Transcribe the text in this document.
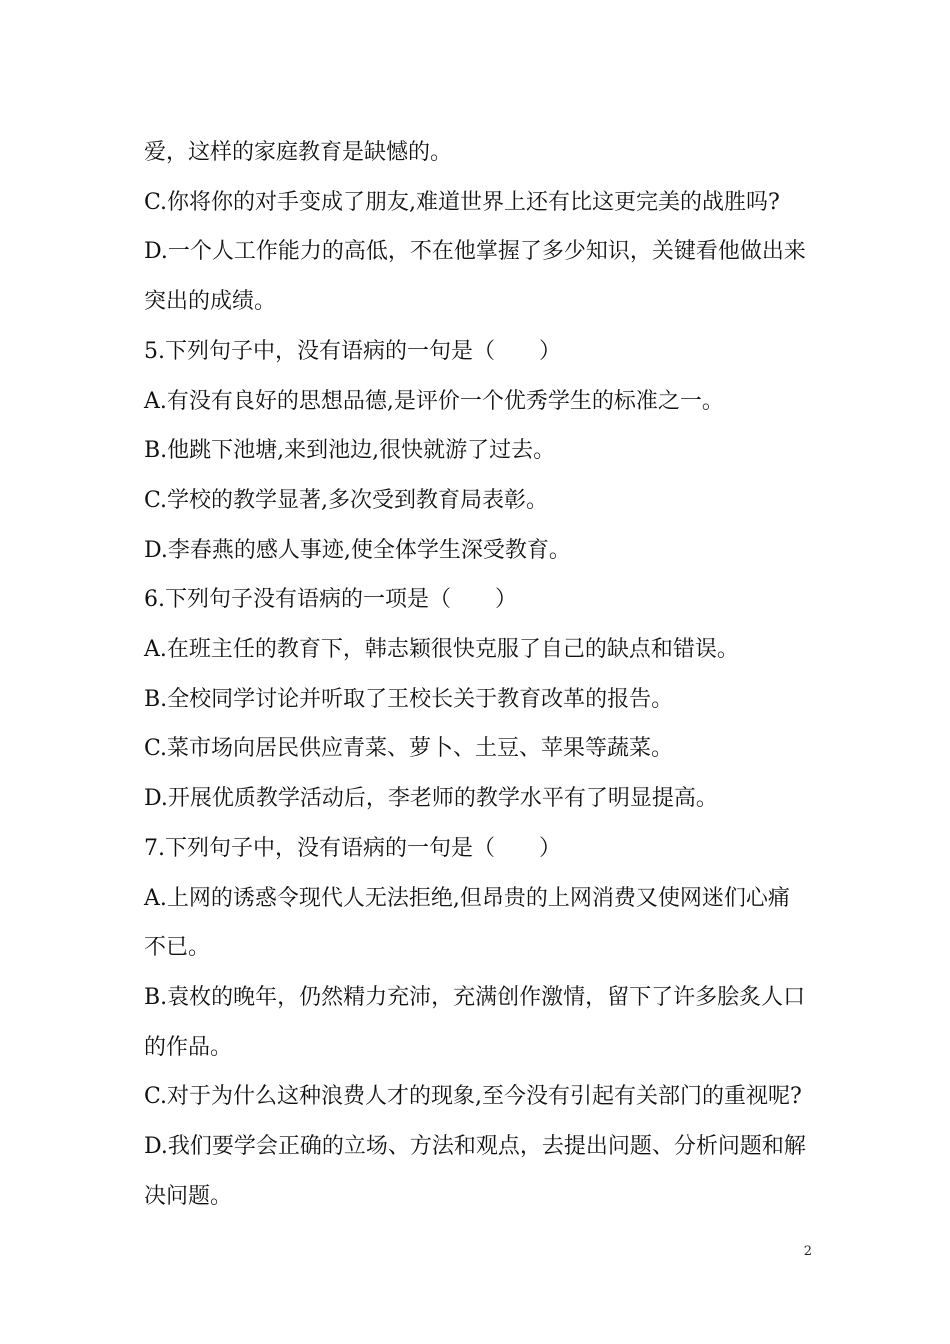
爱，这样的家庭教育是缺憾的。

C.你将你的对手变成了朋友,难道世界上还有比这更完美的战胜吗?

D.一个人工作能力的高低，不在他掌握了多少知识，关键看他做出来

突出的成绩。

5.下列句子中，没有语病的一句是（　　）

A.有没有良好的思想品德,是评价一个优秀学生的标准之一。

B.他跳下池塘,来到池边,很快就游了过去。

C.学校的教学显著,多次受到教育局表彰。

D.李春燕的感人事迹,使全体学生深受教育。

6.下列句子没有语病的一项是（　　）

A.在班主任的教育下，韩志颖很快克服了自己的缺点和错误。

B.全校同学讨论并听取了王校长关于教育改革的报告。

C.菜市场向居民供应青菜、萝卜、土豆、苹果等蔬菜。

D.开展优质教学活动后，李老师的教学水平有了明显提高。

7.下列句子中，没有语病的一句是（　　）

A.上网的诱惑令现代人无法拒绝,但昂贵的上网消费又使网迷们心痛

不已。

B.袁枚的晚年，仍然精力充沛，充满创作激情，留下了许多脍炙人口

的作品。

C.对于为什么这种浪费人才的现象,至今没有引起有关部门的重视呢?

D.我们要学会正确的立场、方法和观点，去提出问题、分析问题和解

决问题。

2
